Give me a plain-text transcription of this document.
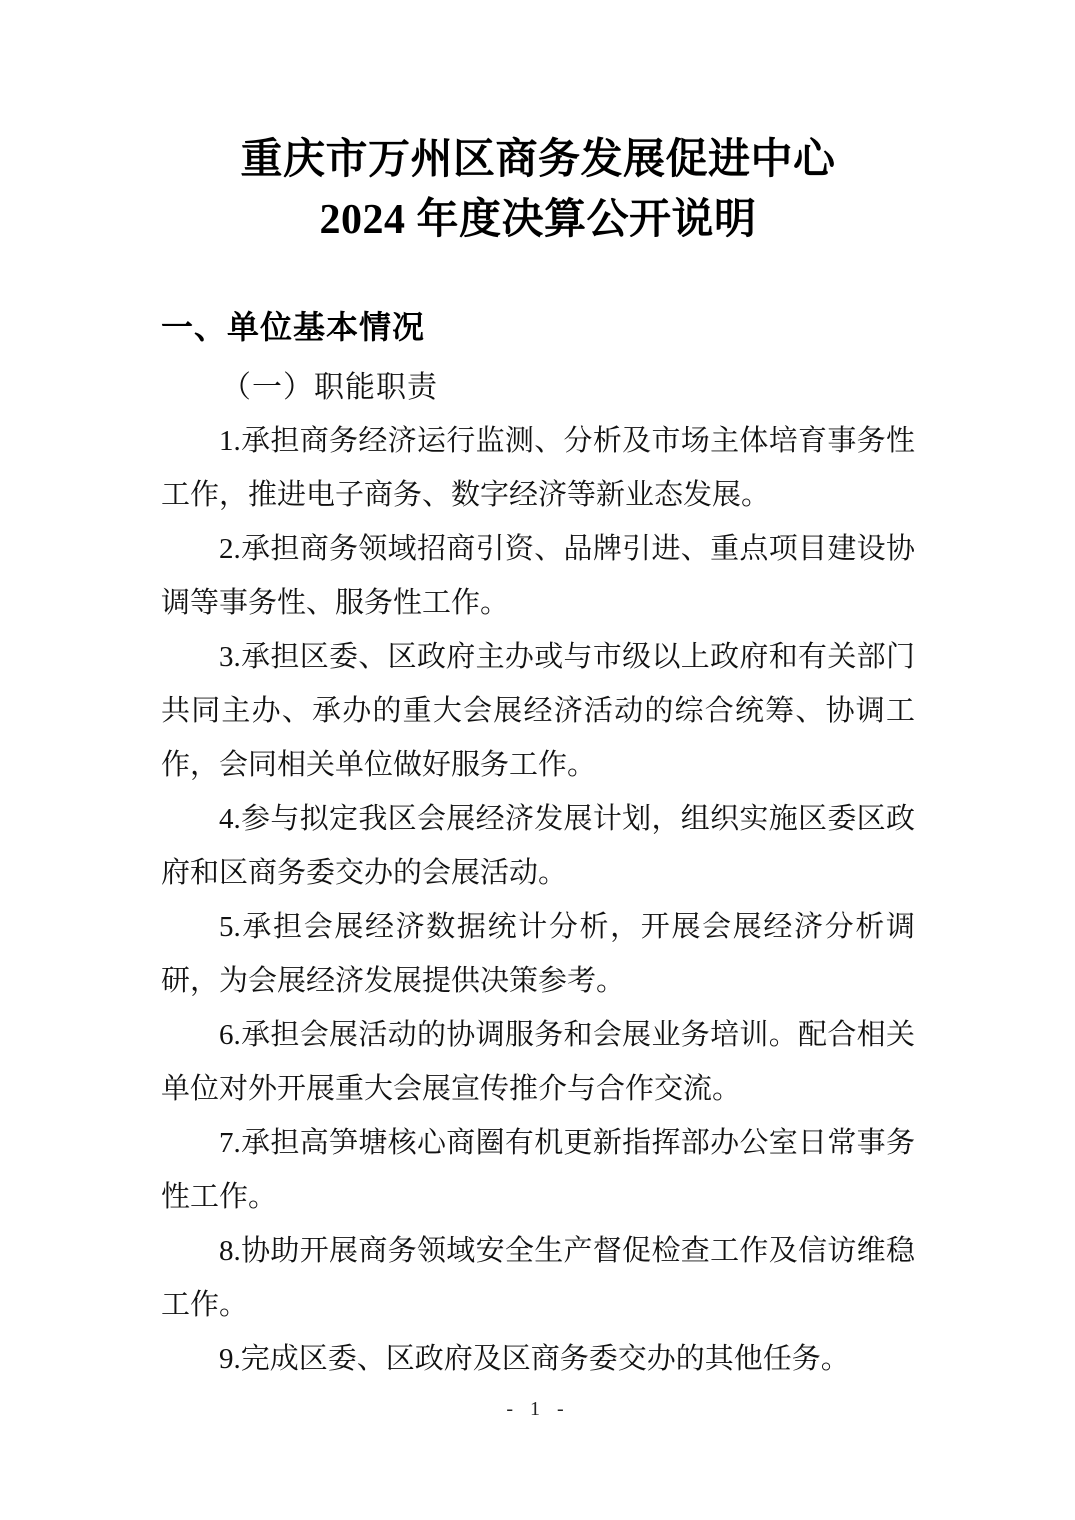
重庆市万州区商务发展促进中心
2024 年度决算公开说明
一、单位基本情况
（一）职能职责

1.承担商务经济运行监测、分析及市场主体培育事务性工作，推进电子商务、数字经济等新业态发展。

2.承担商务领域招商引资、品牌引进、重点项目建设协调等事务性、服务性工作。

3.承担区委、区政府主办或与市级以上政府和有关部门共同主办、承办的重大会展经济活动的综合统筹、协调工作，会同相关单位做好服务工作。

4.参与拟定我区会展经济发展计划，组织实施区委区政府和区商务委交办的会展活动。

5.承担会展经济数据统计分析，开展会展经济分析调研，为会展经济发展提供决策参考。

6.承担会展活动的协调服务和会展业务培训。配合相关单位对外开展重大会展宣传推介与合作交流。

7.承担高笋塘核心商圈有机更新指挥部办公室日常事务性工作。

8.协助开展商务领域安全生产督促检查工作及信访维稳工作。

9.完成区委、区政府及区商务委交办的其他任务。

- 1 -
